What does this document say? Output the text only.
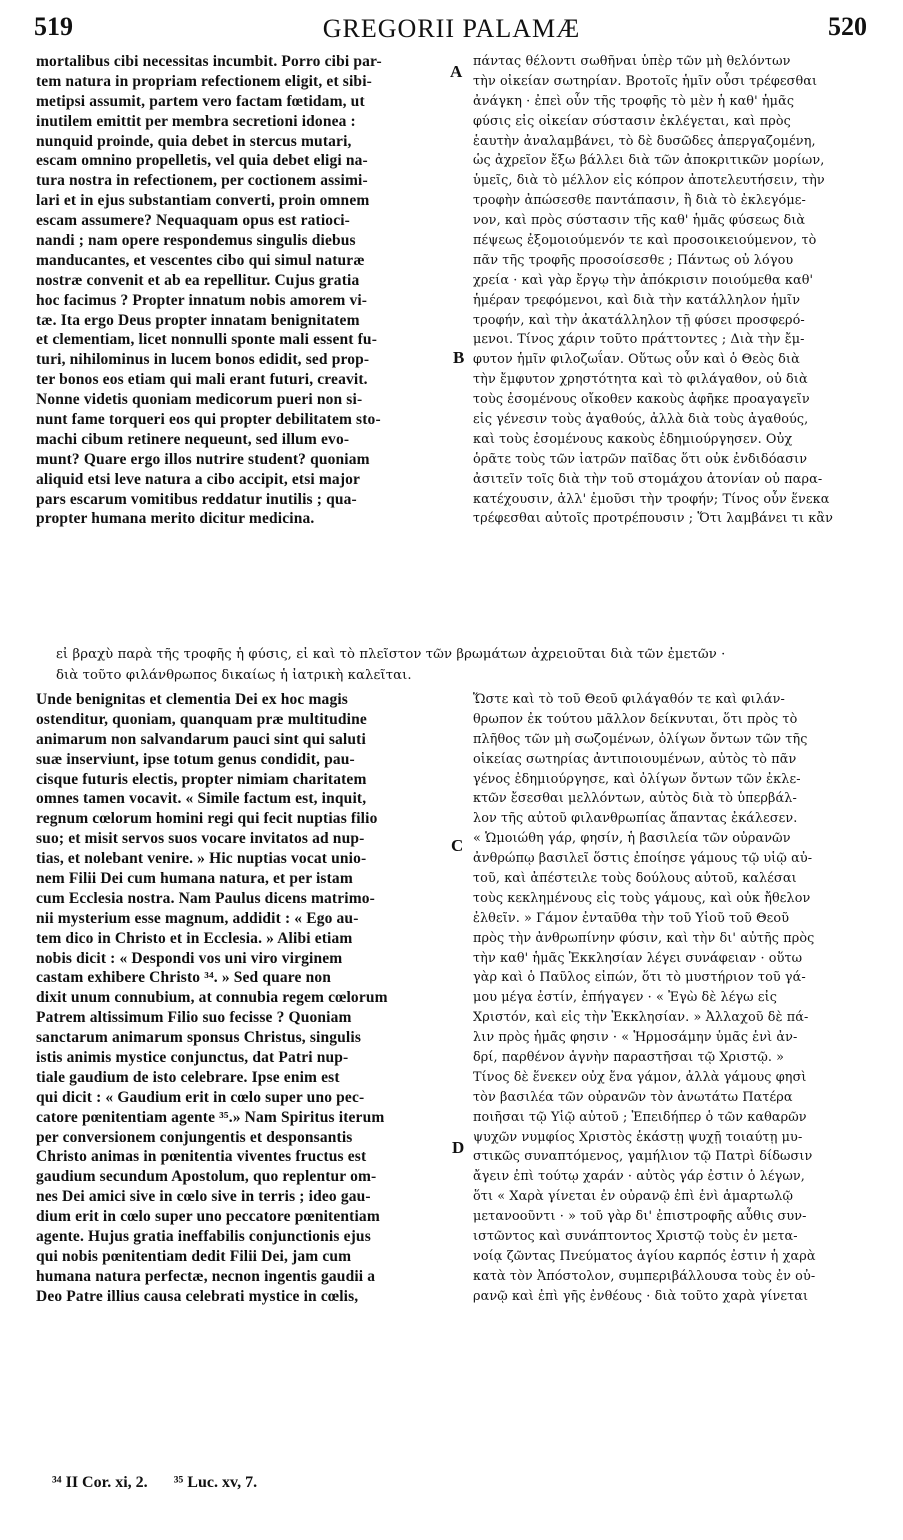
519	GREGORII PALAMÆ	520
A
B
C
D
mortalibus cibi necessitas incumbit. Porro cibi par-
tem natura in propriam refectionem eligit, et sibi-
metipsi assumit, partem vero factam fœtidam, ut
inutilem emittit per membra secretioni idonea :
nunquid proinde, quia debet in stercus mutari,
escam omnino propelletis, vel quia debet eligi na-
tura nostra in refectionem, per coctionem assimi-
lari et in ejus substantiam converti, proin omnem
escam assumere? Nequaquam opus est ratioci-
nandi ; nam opere respondemus singulis diebus
manducantes, et vescentes cibo qui simul naturæ
nostræ convenit et ab ea repellitur. Cujus gratia
hoc facimus ? Propter innatum nobis amorem vi-
tæ. Ita ergo Deus propter innatam benignitatem
et clementiam, licet nonnulli sponte mali essent fu-
turi, nihilominus in lucem bonos edidit, sed prop-
ter bonos eos etiam qui mali erant futuri, creavit.
Nonne videtis quoniam medicorum pueri non si-
nunt fame torqueri eos qui propter debilitatem sto-
machi cibum retinere nequeunt, sed illum evo-
munt? Quare ergo illos nutrire student? quoniam
aliquid etsi leve natura a cibo accipit, etsi major
pars escarum vomitibus reddatur inutilis ; qua-
propter humana merito dicitur medicina.
πάντας θέλοντι σωθῆναι ὑπὲρ τῶν μὴ θελόντων
τὴν οἰκείαν σωτηρίαν. Βροτοῖς ἡμῖν οὖσι τρέφεσθαι
ἀνάγκη · ἐπεὶ οὖν τῆς τροφῆς τὸ μὲν ἡ καθ' ἡμᾶς
φύσις εἰς οἰκείαν σύστασιν ἐκλέγεται, καὶ πρὸς
ἑαυτὴν ἀναλαμβάνει, τὸ δὲ δυσῶδες ἀπεργαζομένη,
ὡς ἀχρεῖον ἔξω βάλλει διὰ τῶν ἀποκριτικῶν μορίων,
ὑμεῖς, διὰ τὸ μέλλον εἰς κόπρον ἀποτελευτήσειν, τὴν
τροφὴν ἀπώσεσθε παντάπασιν, ἢ διὰ τὸ ἐκλεγόμε-
νον, καὶ πρὸς σύστασιν τῆς καθ' ἡμᾶς φύσεως διὰ
πέψεως ἐξομοιούμενόν τε καὶ προσοικειούμενον, τὸ
πᾶν τῆς τροφῆς προσοίσεσθε ; Πάντως οὐ λόγου
χρεία · καὶ γὰρ ἔργῳ τὴν ἀπόκρισιν ποιούμεθα καθ'
ἡμέραν τρεφόμενοι, καὶ διὰ τὴν κατάλληλον ἡμῖν
τροφήν, καὶ τὴν ἀκατάλληλον τῇ φύσει προσφερό-
μενοι. Τίνος χάριν τοῦτο πράττοντες ; Διὰ τὴν ἔμ-
φυτον ἡμῖν φιλοζωΐαν. Οὕτως οὖν καὶ ὁ Θεὸς διὰ
τὴν ἔμφυτον χρηστότητα καὶ τὸ φιλάγαθον, οὐ διὰ
τοὺς ἐσομένους οἴκοθεν κακοὺς ἀφῆκε προαγαγεῖν
εἰς γένεσιν τοὺς ἀγαθούς, ἀλλὰ διὰ τοὺς ἀγαθούς,
καὶ τοὺς ἐσομένους κακοὺς ἐδημιούργησεν. Οὐχ
ὁρᾶτε τοὺς τῶν ἰατρῶν παῖδας ὅτι οὐκ ἐνδιδόασιν
ἀσιτεῖν τοῖς διὰ τὴν τοῦ στομάχου ἀτονίαν οὐ παρα-
κατέχουσιν, ἀλλ' ἐμοῦσι τὴν τροφήν; Τίνος οὖν ἕνεκα
τρέφεσθαι αὐτοῖς προτρέπουσιν ; Ὅτι λαμβάνει τι κἂν
εἰ βραχὺ παρὰ τῆς τροφῆς ἡ φύσις, εἰ καὶ τὸ πλεῖστον τῶν βρωμάτων ἀχρειοῦται διὰ τῶν ἐμετῶν ·
διὰ τοῦτο φιλάνθρωπος δικαίως ἡ ἰατρικὴ καλεῖται.
Unde benignitas et clementia Dei ex hoc magis
ostenditur, quoniam, quanquam præ multitudine
animarum non salvandarum pauci sint qui saluti
suæ inserviunt, ipse totum genus condidit, pau-
cisque futuris electis, propter nimiam charitatem
omnes tamen vocavit. « Simile factum est, inquit,
regnum cœlorum homini regi qui fecit nuptias filio
suo; et misit servos suos vocare invitatos ad nup-
tias, et nolebant venire. » Hic nuptias vocat unio-
nem Filii Dei cum humana natura, et per istam
cum Ecclesia nostra. Nam Paulus dicens matrimo-
nii mysterium esse magnum, addidit : « Ego au-
tem dico in Christo et in Ecclesia. » Alibi etiam
nobis dicit : « Despondi vos uni viro virginem
castam exhibere Christo ³⁴. » Sed quare non
dixit unum connubium, at connubia regem cœlorum
Patrem altissimum Filio suo fecisse ? Quoniam
sanctarum animarum sponsus Christus, singulis
istis animis mystice conjunctus, dat Patri nup-
tiale gaudium de isto celebrare. Ipse enim est
qui dicit : « Gaudium erit in cœlo super uno pec-
catore pœnitentiam agente ³⁵.» Nam Spiritus iterum
per conversionem conjungentis et desponsantis
Christo animas in pœnitentia viventes fructus est
gaudium secundum Apostolum, quo replentur om-
nes Dei amici sive in cœlo sive in terris ; ideo gau-
dium erit in cœlo super uno peccatore pœnitentiam
agente. Hujus gratia ineffabilis conjunctionis ejus
qui nobis pœnitentiam dedit Filii Dei, jam cum
humana natura perfectæ, necnon ingentis gaudii a
Deo Patre illius causa celebrati mystice in cœlis,
Ὥστε καὶ τὸ τοῦ Θεοῦ φιλάγαθόν τε καὶ φιλάν-
θρωπον ἐκ τούτου μᾶλλον δείκνυται, ὅτι πρὸς τὸ
πλῆθος τῶν μὴ σωζομένων, ὀλίγων ὄντων τῶν τῆς
οἰκείας σωτηρίας ἀντιποιουμένων, αὐτὸς τὸ πᾶν
γένος ἐδημιούργησε, καὶ ὀλίγων ὄντων τῶν ἐκλε-
κτῶν ἔσεσθαι μελλόντων, αὐτὸς διὰ τὸ ὑπερβάλ-
λον τῆς αὐτοῦ φιλανθρωπίας ἅπαντας ἐκάλεσεν.
« Ὡμοιώθη γάρ, φησίν, ἡ βασιλεία τῶν οὐρανῶν
ἀνθρώπῳ βασιλεῖ ὅστις ἐποίησε γάμους τῷ υἱῷ αὐ-
τοῦ, καὶ ἀπέστειλε τοὺς δούλους αὐτοῦ, καλέσαι
τοὺς κεκλημένους εἰς τοὺς γάμους, καὶ οὐκ ἤθελον
ἐλθεῖν. » Γάμον ἐνταῦθα τὴν τοῦ Υἱοῦ τοῦ Θεοῦ
πρὸς τὴν ἀνθρωπίνην φύσιν, καὶ τὴν δι' αὐτῆς πρὸς
τὴν καθ' ἡμᾶς Ἐκκλησίαν λέγει συνάφειαν · οὕτω
γὰρ καὶ ὁ Παῦλος εἰπών, ὅτι τὸ μυστήριον τοῦ γά-
μου μέγα ἐστίν, ἐπήγαγεν · « Ἐγὼ δὲ λέγω εἰς
Χριστόν, καὶ εἰς τὴν Ἐκκλησίαν. » Ἀλλαχοῦ δὲ πά-
λιν πρὸς ἡμᾶς φησιν · « Ἡρμοσάμην ὑμᾶς ἑνὶ ἀν-
δρί, παρθένον ἁγνὴν παραστῆσαι τῷ Χριστῷ. »
Τίνος δὲ ἕνεκεν οὐχ ἕνα γάμον, ἀλλὰ γάμους φησὶ
τὸν βασιλέα τῶν οὐρανῶν τὸν ἀνωτάτω Πατέρα
ποιῆσαι τῷ Υἱῷ αὐτοῦ ; Ἐπειδήπερ ὁ τῶν καθαρῶν
ψυχῶν νυμφίος Χριστὸς ἑκάστῃ ψυχῇ τοιαύτῃ μυ-
στικῶς συναπτόμενος, γαμήλιον τῷ Πατρὶ δίδωσιν
ἄγειν ἐπὶ τούτῳ χαράν · αὐτὸς γάρ ἐστιν ὁ λέγων,
ὅτι « Χαρὰ γίνεται ἐν οὐρανῷ ἐπὶ ἑνὶ ἁμαρτωλῷ
μετανοοῦντι · » τοῦ γὰρ δι' ἐπιστροφῆς αὖθις συν-
ιστῶντος καὶ συνάπτοντος Χριστῷ τοὺς ἐν μετα-
νοίᾳ ζῶντας Πνεύματος ἁγίου καρπός ἐστιν ἡ χαρὰ
κατὰ τὸν Ἀπόστολον, συμπεριβάλλουσα τοὺς ἐν οὐ-
ρανῷ καὶ ἐπὶ γῆς ἐνθέους · διὰ τοῦτο χαρὰ γίνεται
³⁴ II Cor. xi, 2. ³⁵ Luc. xv, 7.
